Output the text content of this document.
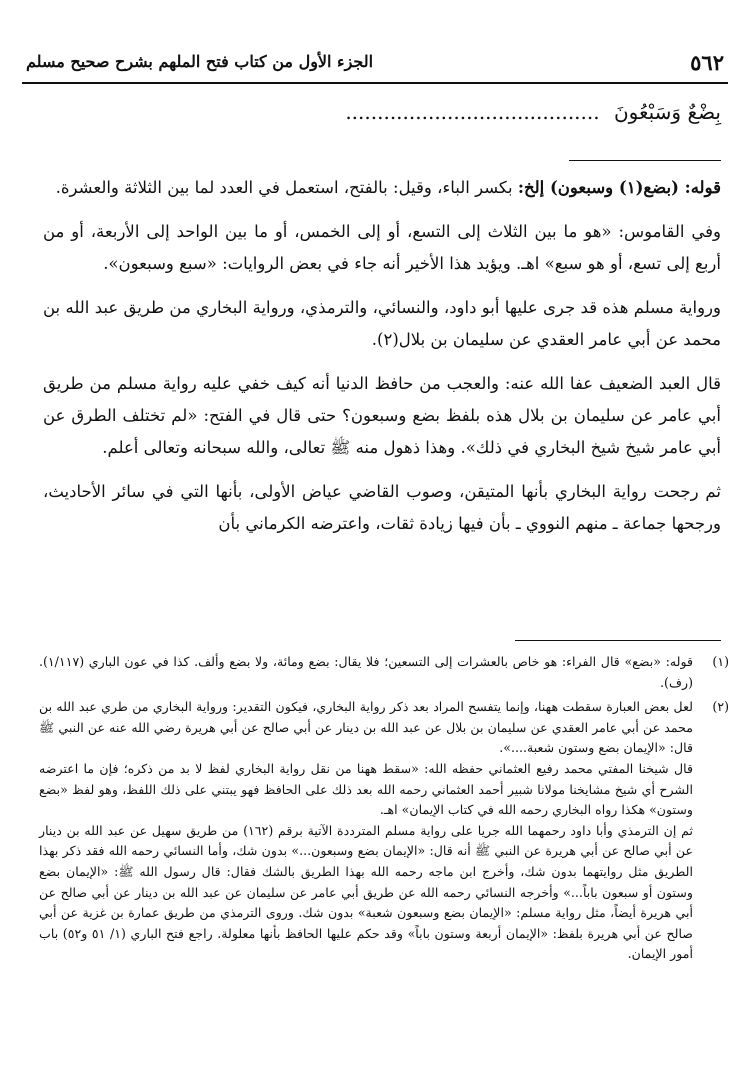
٥٦٢
الجزء الأول من كتاب فتح الملهم بشرح صحيح مسلم
بِضْعٌ وَسَبْعُونَ ........................................

قوله: (بضع(١) وسبعون) إلخ: بكسر الباء، وقيل: بالفتح، استعمل في العدد لما بين الثلاثة والعشرة.

وفي القاموس: «هو ما بين الثلاث إلى التسع، أو إلى الخمس، أو ما بين الواحد إلى الأربعة، أو من أربع إلى تسع، أو هو سبع» اهـ. ويؤيد هذا الأخير أنه جاء في بعض الروايات: «سبع وسبعون».

ورواية مسلم هذه قد جرى عليها أبو داود، والنسائي، والترمذي، ورواية البخاري من طريق عبد الله بن محمد عن أبي عامر العقدي عن سليمان بن بلال(٢).

قال العبد الضعيف عفا الله عنه: والعجب من حافظ الدنيا أنه كيف خفي عليه رواية مسلم من طريق أبي عامر عن سليمان بن بلال هذه بلفظ بضع وسبعون؟ حتى قال في الفتح: «لم تختلف الطرق عن أبي عامر شيخ شيخ البخاري في ذلك». وهذا ذهول منه ﷺ تعالى، والله سبحانه وتعالى أعلم.

ثم رجحت رواية البخاري بأنها المتيقن، وصوب القاضي عياض الأولى، بأنها التي في سائر الأحاديث، ورجحها جماعة ـ منهم النووي ـ بأن فيها زيادة ثقات، واعترضه الكرماني بأن

(١)

قوله: «بضع» قال الفراء: هو خاص بالعشرات إلى التسعين؛ فلا يقال: بضع ومائة، ولا بضع وألف. كذا في عون الباري (١/١١٧). (رف).

(٢)

لعل بعض العبارة سقطت ههنا، وإنما يتفسح المراد بعد ذكر رواية البخاري، فيكون التقدير: ورواية البخاري من طري عبد الله بن محمد عن أبي عامر العقدي عن سليمان بن بلال عن عبد الله بن دينار عن أبي صالح عن أبي هريرة رضي الله عنه عن النبي ﷺ قال: «الإيمان بضع وستون شعبة....».

قال شيخنا المفتي محمد رفيع العثماني حفظه الله: «سقط ههنا من نقل رواية البخاري لفظ لا بد من ذكره؛ فإن ما اعترضه الشرح أي شيخ مشايخنا مولانا شبير أحمد العثماني رحمه الله بعد ذلك على الحافظ فهو يبتني على ذلك اللفظ، وهو لفظ «بضع وستون» هكذا رواه البخاري رحمه الله في كتاب الإيمان» اهـ.

ثم إن الترمذي وأبا داود رحمهما الله جريا على رواية مسلم المترددة الآتية برقم (١٦٢) من طريق سهيل عن عبد الله بن دينار عن أبي صالح عن أبي هريرة عن النبي ﷺ أنه قال: «الإيمان بضع وسبعون...» بدون شك، وأما النسائي رحمه الله فقد ذكر بهذا الطريق مثل روايتهما بدون شك، وأخرج ابن ماجه رحمه الله بهذا الطريق بالشك فقال: قال رسول الله ﷺ: «الإيمان بضع وستون أو سبعون باباً...» وأخرجه النسائي رحمه الله عن طريق أبي عامر عن سليمان عن عبد الله بن دينار عن أبي صالح عن أبي هريرة أيضاً، مثل رواية مسلم: «الإيمان بضع وسبعون شعبة» بدون شك. وروى الترمذي من طريق عمارة بن غزية عن أبي صالح عن أبي هريرة بلفظ: «الإيمان أربعة وستون باباً» وقد حكم عليها الحافظ بأنها معلولة. راجع فتح الباري (١/ ٥١ و٥٢) باب أمور الإيمان.
